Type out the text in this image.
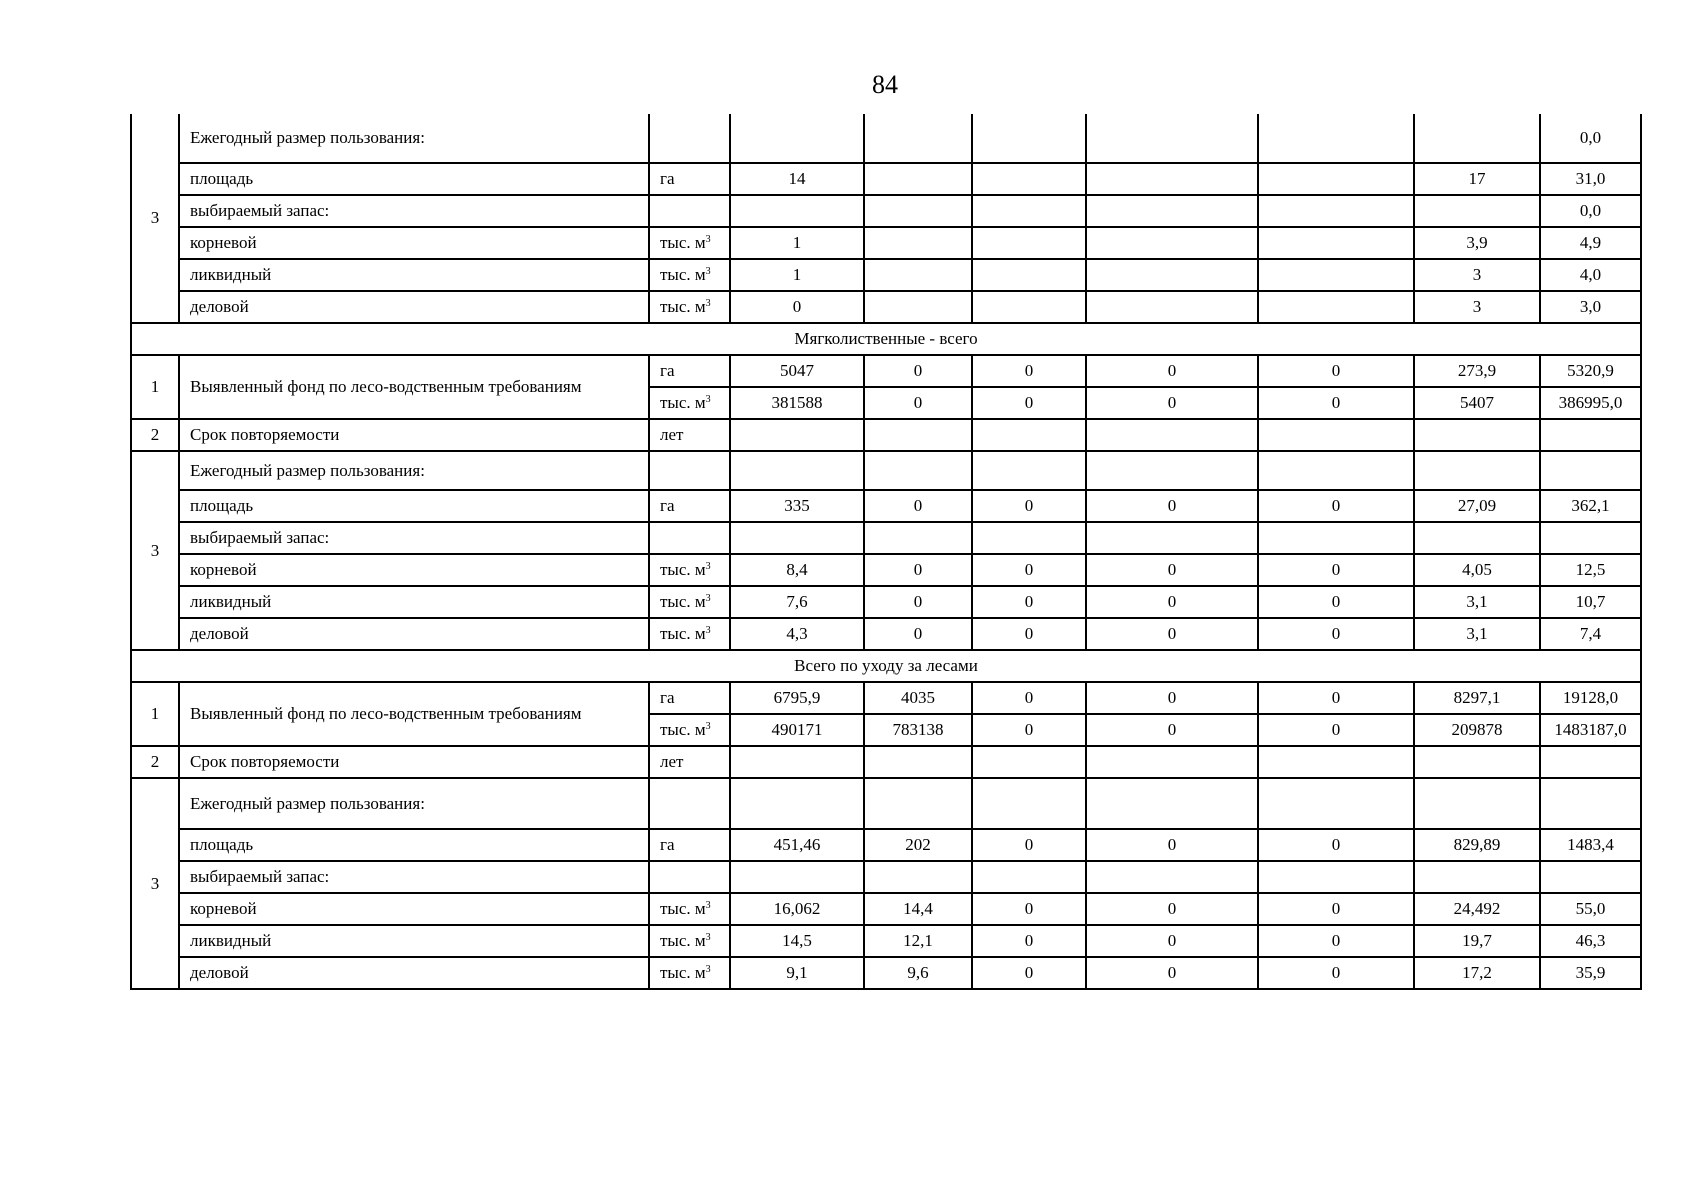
84
3	Ежегодный размер пользования:								0,0
	площадь	га	14					17	31,0
	выбираемый запас:								0,0
	корневой	тыс. $м^3$	1					3,9	4,9
	ликвидный	тыс. $м^3$	1					3	4,0
	деловой	тыс. $м^3$	0					3	3,0
Мягколиственные - всего									
1	Выявленный фонд по лесо-водственным требованиям	га	5047	0	0	0	0	273,9	5320,9
		тыс. $м^3$	381588	0	0	0	0	5407	386995,0
2	Срок повторяемости	лет							
3	Ежегодный размер пользования:								
	площадь	га	335	0	0	0	0	27,09	362,1
	выбираемый запас:								
	корневой	тыс. $м^3$	8,4	0	0	0	0	4,05	12,5
	ликвидный	тыс. $м^3$	7,6	0	0	0	0	3,1	10,7
	деловой	тыс. $м^3$	4,3	0	0	0	0	3,1	7,4
Всего по уходу за лесами									
1	Выявленный фонд по лесо-водственным требованиям	га	6795,9	4035	0	0	0	8297,1	19128,0
		тыс. $м^3$	490171	783138	0	0	0	209878	1483187,0
2	Срок повторяемости	лет							
3	Ежегодный размер пользования:								
	площадь	га	451,46	202	0	0	0	829,89	1483,4
	выбираемый запас:								
	корневой	тыс. $м^3$	16,062	14,4	0	0	0	24,492	55,0
	ликвидный	тыс. $м^3$	14,5	12,1	0	0	0	19,7	46,3
	деловой	тыс. $м^3$	9,1	9,6	0	0	0	17,2	35,9
